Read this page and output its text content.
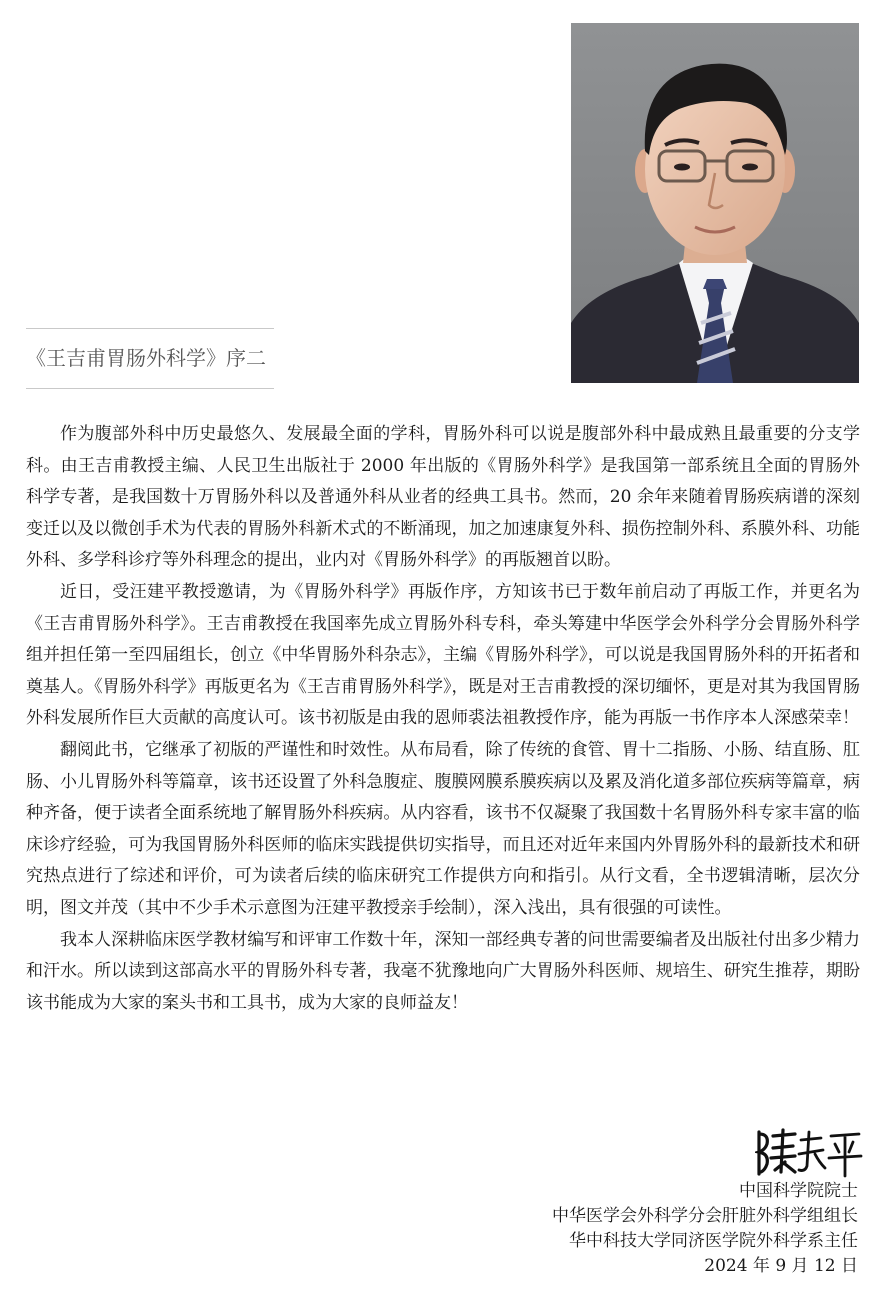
《王吉甫胃肠外科学》序二

作为腹部外科中历史最悠久、发展最全面的学科，胃肠外科可以说是腹部外科中最成熟且最重要的分支学科。由王吉甫教授主编、人民卫生出版社于 2000 年出版的《胃肠外科学》是我国第一部系统且全面的胃肠外科学专著，是我国数十万胃肠外科以及普通外科从业者的经典工具书。然而，20 余年来随着胃肠疾病谱的深刻变迁以及以微创手术为代表的胃肠外科新术式的不断涌现，加之加速康复外科、损伤控制外科、系膜外科、功能外科、多学科诊疗等外科理念的提出，业内对《胃肠外科学》的再版翘首以盼。

近日，受汪建平教授邀请，为《胃肠外科学》再版作序，方知该书已于数年前启动了再版工作，并更名为《王吉甫胃肠外科学》。王吉甫教授在我国率先成立胃肠外科专科，牵头筹建中华医学会外科学分会胃肠外科学组并担任第一至四届组长，创立《中华胃肠外科杂志》，主编《胃肠外科学》，可以说是我国胃肠外科的开拓者和奠基人。《胃肠外科学》再版更名为《王吉甫胃肠外科学》，既是对王吉甫教授的深切缅怀，更是对其为我国胃肠外科发展所作巨大贡献的高度认可。该书初版是由我的恩师裘法祖教授作序，能为再版一书作序本人深感荣幸！

翻阅此书，它继承了初版的严谨性和时效性。从布局看，除了传统的食管、胃十二指肠、小肠、结直肠、肛肠、小儿胃肠外科等篇章，该书还设置了外科急腹症、腹膜网膜系膜疾病以及累及消化道多部位疾病等篇章，病种齐备，便于读者全面系统地了解胃肠外科疾病。从内容看，该书不仅凝聚了我国数十名胃肠外科专家丰富的临床诊疗经验，可为我国胃肠外科医师的临床实践提供切实指导，而且还对近年来国内外胃肠外科的最新技术和研究热点进行了综述和评价，可为读者后续的临床研究工作提供方向和指引。从行文看，全书逻辑清晰，层次分明，图文并茂（其中不少手术示意图为汪建平教授亲手绘制），深入浅出，具有很强的可读性。

我本人深耕临床医学教材编写和评审工作数十年，深知一部经典专著的问世需要编者及出版社付出多少精力和汗水。所以读到这部高水平的胃肠外科专著，我毫不犹豫地向广大胃肠外科医师、规培生、研究生推荐，期盼该书能成为大家的案头书和工具书，成为大家的良师益友！

中国科学院院士
中华医学会外科学分会肝脏外科学组组长
华中科技大学同济医学院外科学系主任
2024 年 9 月 12 日
